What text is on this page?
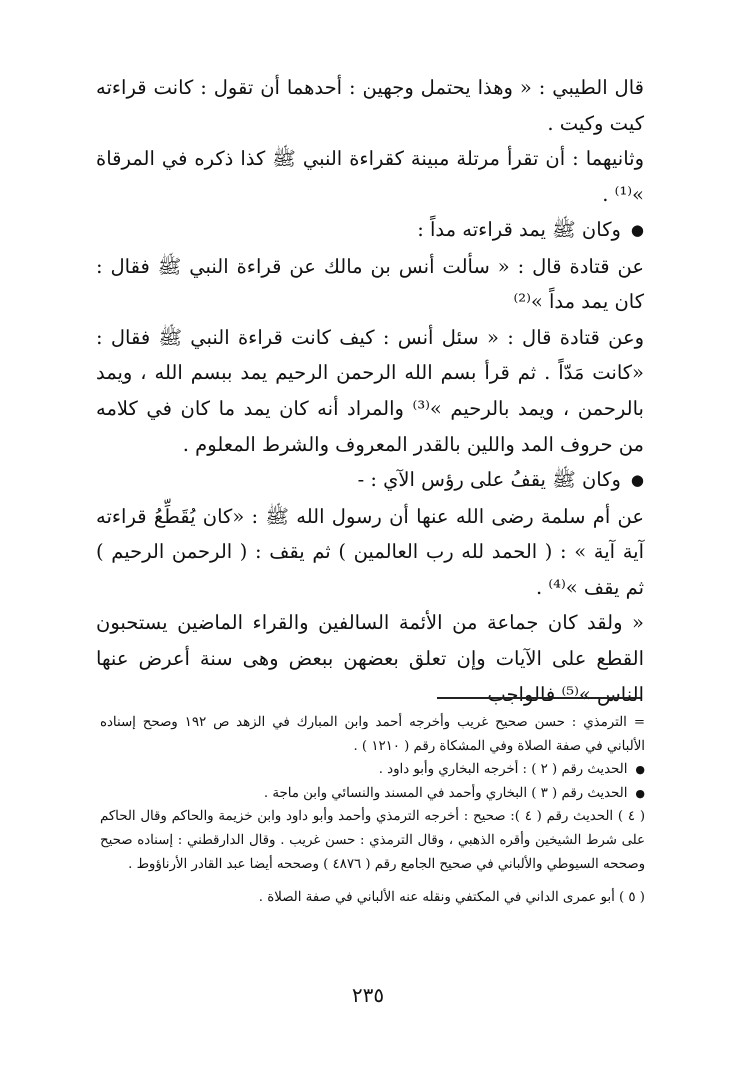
قال الطيبي : « وهذا يحتمل وجهين : أحدهما أن تقول : كانت قراءته كيت وكيت .

وثانيهما : أن تقرأ مرتلة مبينة كقراءة النبي ﷺ كذا ذكره في المرقاة »⁽¹⁾ .

●وكان ﷺ يمد قراءته مداً :

عن قتادة قال : « سألت أنس بن مالك عن قراءة النبي ﷺ فقال : كان يمد مداً »⁽²⁾

وعن قتادة قال : « سئل أنس : كيف كانت قراءة النبي ﷺ فقال : «كانت مَدّاً . ثم قرأ بسم الله الرحمن الرحيم يمد ببسم الله ، ويمد بالرحمن ، ويمد بالرحيم »⁽³⁾ والمراد أنه كان يمد ما كان في كلامه من حروف المد واللين بالقدر المعروف والشرط المعلوم .

●وكان ﷺ يقفُ على رؤس الآي : -

عن أم سلمة رضى الله عنها أن رسول الله ﷺ : «كان يُقَطِّعُ قراءته آية آية » : ( الحمد لله رب العالمين ) ثم يقف : ( الرحمن الرحيم ) ثم يقف »⁽⁴⁾ .

« ولقد كان جماعة من الأئمة السالفين والقراء الماضين يستحبون القطع على الآيات وإن تعلق بعضهن ببعض وهى سنة أعرض عنها الناس »⁽⁵⁾ فالواجب

= الترمذي : حسن صحيح غريب وأخرجه أحمد وابن المبارك في الزهد ص ١٩٢ وصحح إسناده الألباني في صفة الصلاة وفي المشكاة رقم ( ١٢١٠ ) .

●الحديث رقم ( ٢ ) : أخرجه البخاري وأبو داود .

●الحديث رقم ( ٣ ) البخاري وأحمد في المسند والنسائي وابن ماجة .

( ٤ ) الحديث رقم ( ٤ ): صحيح : أخرجه الترمذي وأحمد وأبو داود وابن خزيمة والحاكم وقال الحاكم على شرط الشيخين وأقره الذهبي ، وقال الترمذي : حسن غريب . وقال الدارقطني : إسناده صحيح وصححه السيوطي والألباني في صحيح الجامع رقم ( ٤٨٧٦ ) وصححه أيضا عبد القادر الأرناؤوط .

( ٥ ) أبو عمرى الداني في المكتفي ونقله عنه الألباني في صفة الصلاة .

٢٣٥
